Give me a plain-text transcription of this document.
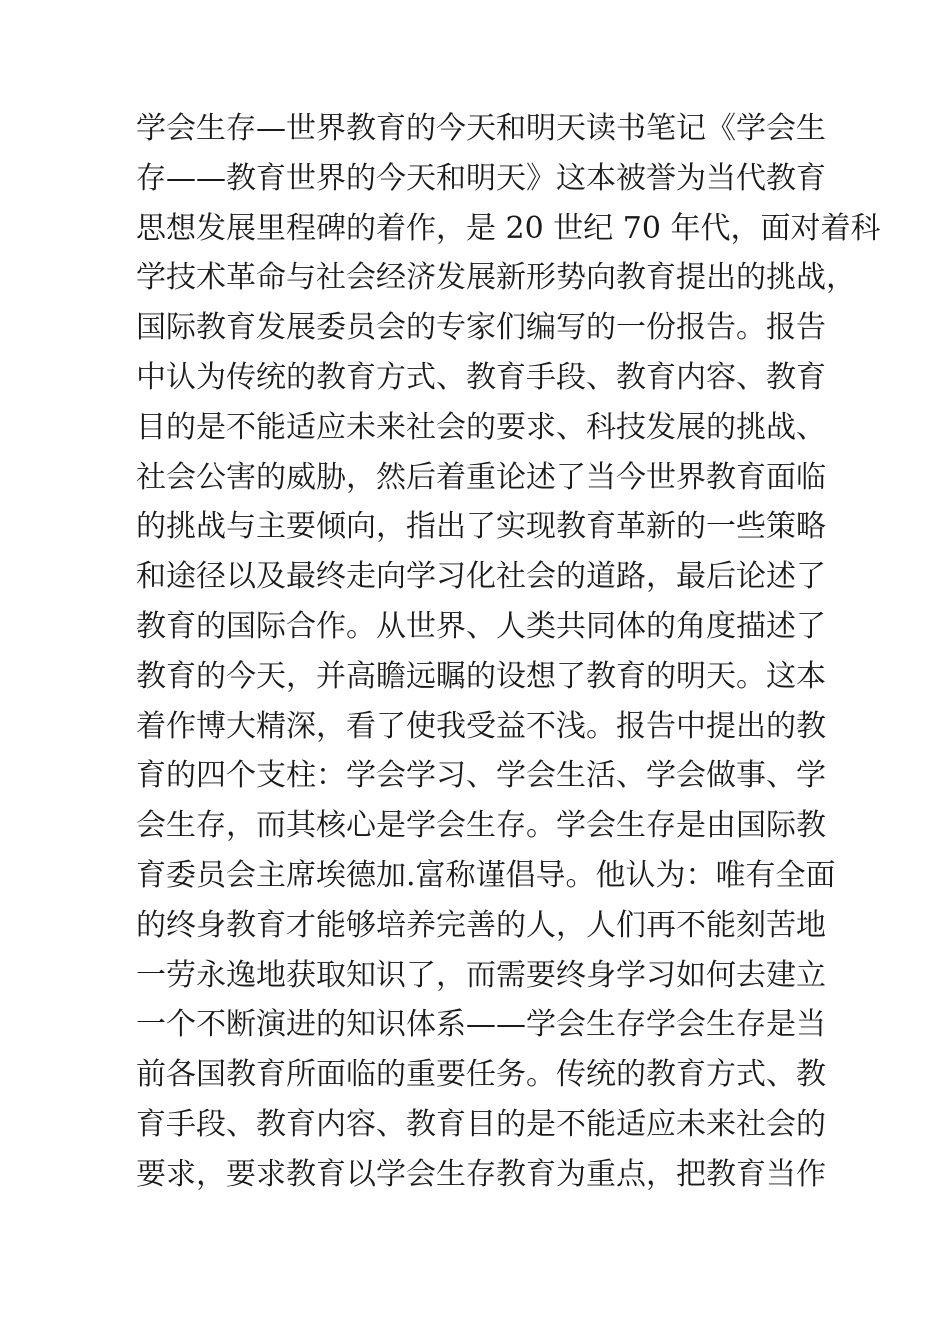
学会生存—世界教育的今天和明天读书笔记《学会生
存——教育世界的今天和明天》这本被誉为当代教育
思想发展里程碑的着作，是 20 世纪 70 年代，面对着科
学技术革命与社会经济发展新形势向教育提出的挑战，
国际教育发展委员会的专家们编写的一份报告。报告
中认为传统的教育方式、教育手段、教育内容、教育
目的是不能适应未来社会的要求、科技发展的挑战、
社会公害的威胁，然后着重论述了当今世界教育面临
的挑战与主要倾向，指出了实现教育革新的一些策略
和途径以及最终走向学习化社会的道路，最后论述了
教育的国际合作。从世界、人类共同体的角度描述了
教育的今天，并高瞻远瞩的设想了教育的明天。这本
着作博大精深，看了使我受益不浅。报告中提出的教
育的四个支柱：学会学习、学会生活、学会做事、学
会生存，而其核心是学会生存。学会生存是由国际教
育委员会主席埃德加.富称谨倡导。他认为：唯有全面
的终身教育才能够培养完善的人，人们再不能刻苦地
一劳永逸地获取知识了，而需要终身学习如何去建立
一个不断演进的知识体系——学会生存学会生存是当
前各国教育所面临的重要任务。传统的教育方式、教
育手段、教育内容、教育目的是不能适应未来社会的
要求，要求教育以学会生存教育为重点，把教育当作
